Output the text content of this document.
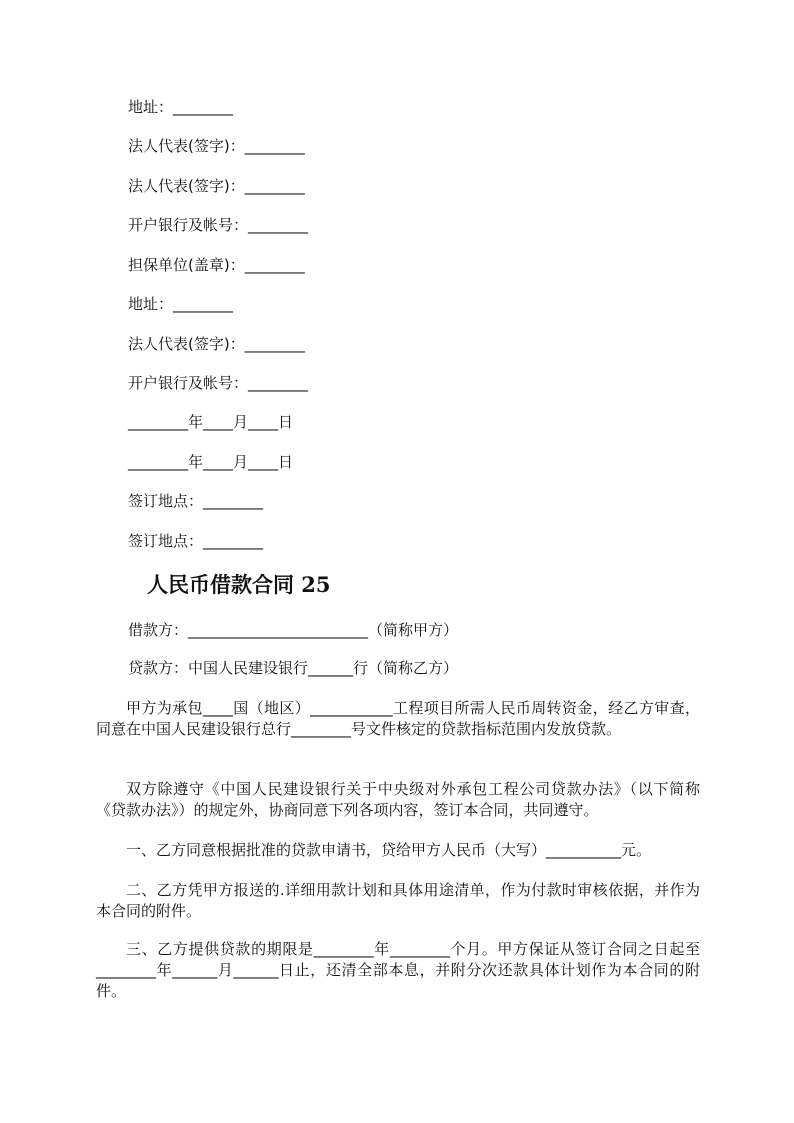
地址：________
法人代表(签字)：________
法人代表(签字)：________
开户银行及帐号：________
担保单位(盖章)：________
地址：________
法人代表(签字)：________
开户银行及帐号：________
________年____月____日
________年____月____日
签订地点：________
签订地点：________
人民币借款合同 25
借款方：________________________（简称甲方）
贷款方：中国人民建设银行______行（简称乙方）
甲方为承包____国（地区）___________工程项目所需人民币周转资金，经乙方审查，同意在中国人民建设银行总行________号文件核定的贷款指标范围内发放贷款。
双方除遵守《中国人民建设银行关于中央级对外承包工程公司贷款办法》（以下简称《贷款办法》）的规定外，协商同意下列各项内容，签订本合同，共同遵守。
一、乙方同意根据批准的贷款申请书，贷给甲方人民币（大写）__________元。
二、乙方凭甲方报送的.详细用款计划和具体用途清单，作为付款时审核依据，并作为本合同的附件。
三、乙方提供贷款的期限是________年________个月。甲方保证从签订合同之日起至________年______月______日止，还清全部本息，并附分次还款具体计划作为本合同的附件。
